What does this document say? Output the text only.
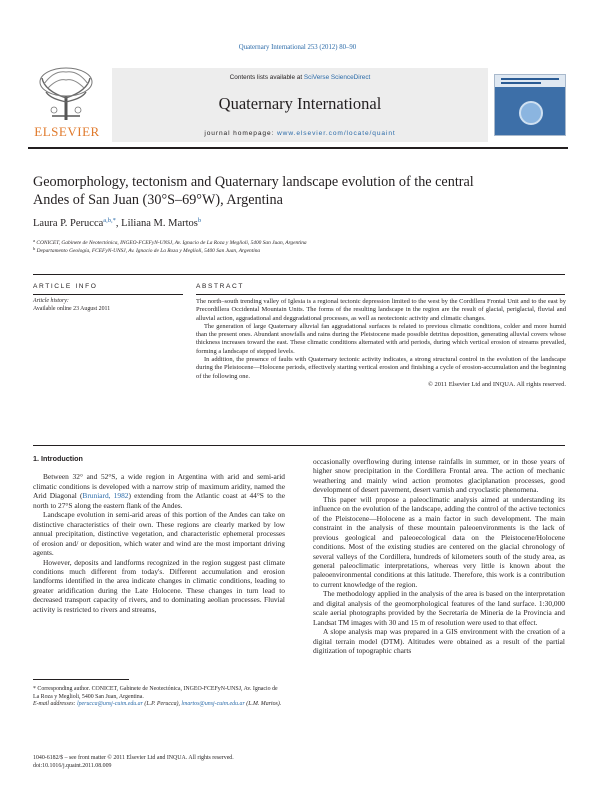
Quaternary International 253 (2012) 80–90
ELSEVIER
Contents lists available at SciVerse ScienceDirect
Quaternary International
journal homepage: www.elsevier.com/locate/quaint
Geomorphology, tectonism and Quaternary landscape evolution of the central
Andes of San Juan (30°S–69°W), Argentina
Laura P. Perucca$^{a,b,*}$, Liliana M. Martos$^b$
$^a$ CONICET, Gabinete de Neotectónica, INGEO-FCEFyN-UNSJ, Av. Ignacio de La Roza y Meglioli, 5400 San Juan, Argentina
$^b$ Departamento Geología, FCEFyN-UNSJ, Av. Ignacio de La Roza y Meglioli, 5400 San Juan, Argentina
ARTICLE INFO	ABSTRACT
Article history:
Available online 23 August 2011

The north–south trending valley of Iglesia is a regional tectonic depression limited to the west by the Cordillera Frontal Unit and to the east by Precordillera Occidental Mountain Units. The forms of the resulting landscape in the region are the result of glacial, periglacial, fluvial and alluvial action, aggradational and deggradational processes, as well as neotectonic activity and climatic changes.

The generation of large Quaternary alluvial fan aggradational surfaces is related to previous climatic conditions, colder and more humid than the present ones. Abundant snowfalls and rains during the Pleistocene made possible detritus deposition, generating alluvial covers whose thickness increases toward the east. These climatic conditions alternated with arid periods, during which vertical erosion of streams prevailed, forming a landscape of stepped levels.

In addition, the presence of faults with Quaternary tectonic activity indicates, a strong structural control in the evolution of the landscape during the Pleistocene—Holocene periods, effectively starting vertical erosion and finishing a cycle of erosion-accumulation and the beginning of the following one.

© 2011 Elsevier Ltd and INQUA. All rights reserved.

1. Introduction

Between 32° and 52°S, a wide region in Argentina with arid and semi-arid climatic conditions is developed with a narrow strip of maximum aridity, named the Arid Diagonal (Bruniard, 1982) extending from the Atlantic coast at 44°S to the north to 27°S along the eastern flank of the Andes.

Landscape evolution in semi-arid areas of this portion of the Andes can take on distinctive characteristics of their own. These regions are clearly marked by low annual precipitation, distinctive vegetation, and characteristic ephemeral processes of erosion and/ or deposition, which water and wind are the most important driving agents.

However, deposits and landforms recognized in the region suggest past climate conditions much different from today's. Different accumulation and erosion landforms identified in the area indicate changes in climatic conditions, leading to greater aridification during the Late Holocene. These changes in turn lead to decreased transport capacity of rivers, and to dominating aeolian processes. Fluvial activity is restricted to rivers and streams,

occasionally overflowing during intense rainfalls in summer, or in those years of higher snow precipitation in the Cordillera Frontal area. The action of mechanic weathering and mainly wind action promotes glaciplanation processes, good development of desert pavement, desert varnish and cryoclastic phenomena.

This paper will propose a paleoclimatic analysis aimed at understanding its influence on the evolution of the landscape, adding the control of the active tectonics of the Pleistocene—Holocene as a main factor in such development. The main constraint in the analysis of these mountain paleoenvironments is the lack of previous geological and paleoecological data on the Pleistocene/Holocene conditions. Most of the existing studies are centered on the glacial chronology of several valleys of the Cordillera, hundreds of kilometers south of the study area, as general paleoclimatic interpretations, whereas very little is known about the paleoenvironmental conditions at this latitude. Therefore, this work is a contribution to current knowledge of the region.

The methodology applied in the analysis of the area is based on the interpretation and digital analysis of the geomorphological features of the land surface. 1:30,000 scale aerial photographs provided by the Secretaría de Minería de la Provincia and Landsat TM images with 30 and 15 m of resolution were used to that effect.

A slope analysis map was prepared in a GIS environment with the creation of a digital terrain model (DTM). Altitudes were obtained as a result of the partial digitization of topographic charts

* Corresponding author. CONICET, Gabinete de Neotectónica, INGEO-FCEFyN-UNSJ, Av. Ignacio de La Roza y Meglioli, 5400 San Juan, Argentina.
E-mail addresses: lperucca@unsj-cuim.edu.ar (L.P. Perucca), lmartos@unsj-cuim.edu.ar (L.M. Martos).
1040-6182/$ – see front matter © 2011 Elsevier Ltd and INQUA. All rights reserved.
doi:10.1016/j.quaint.2011.08.009
